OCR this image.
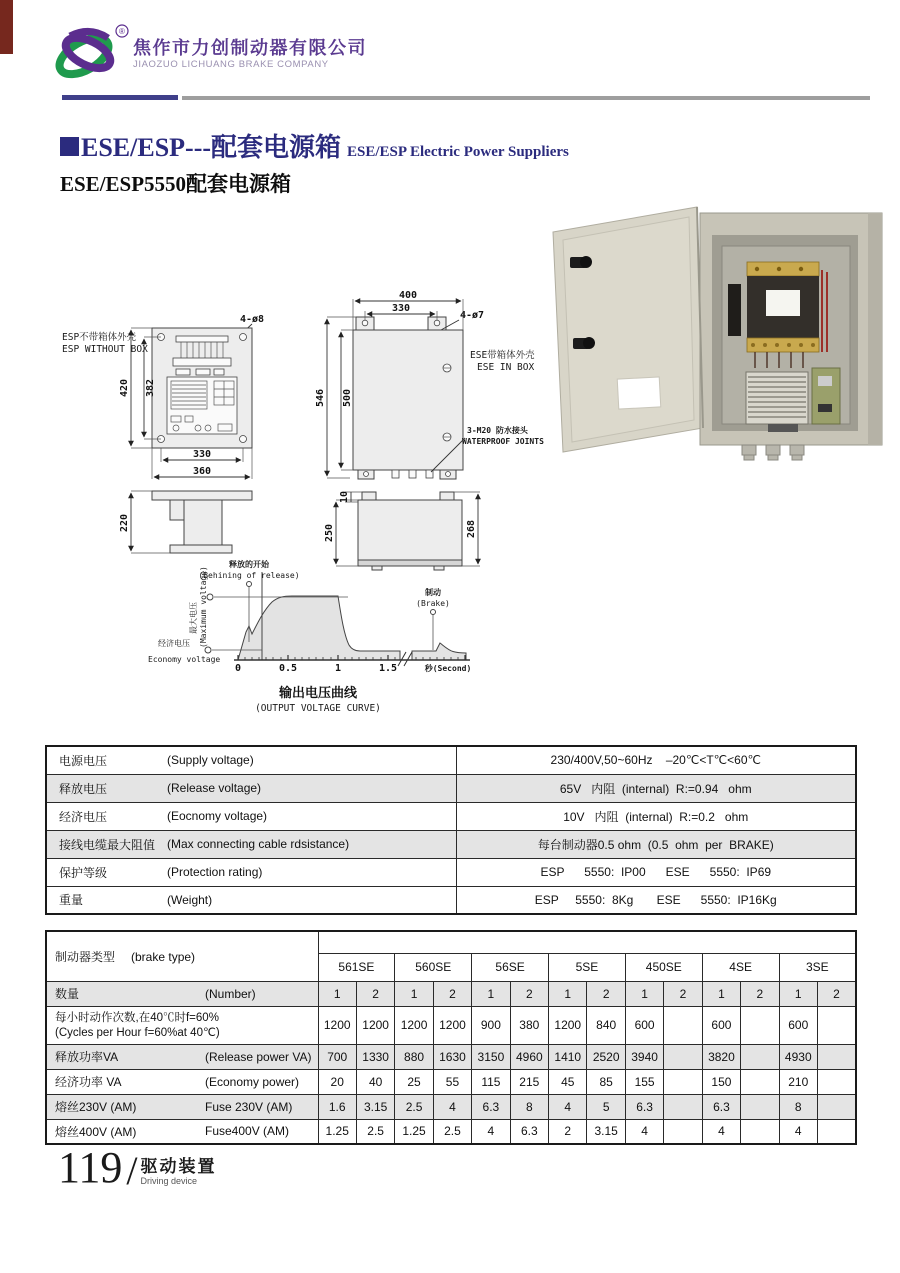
®
焦作市力创制动器有限公司
JIAOZUO LICHUANG BRAKE COMPANY
ESE/ESP---配套电源箱 ESE/ESP Electric Power Suppliers
ESE/ESP5550配套电源箱
ESP不带箱体外壳
ESP WITHOUT BOX
4-ø8
420 382
330
360
220
4-ø7
400
330
546 500
ESE带箱体外壳
ESE IN BOX
3-M20 防水接头
WATERPROOF JOINTS
250
10
268
0	0.5	1	1.5	秒(Second)
最大电压 (Maximum voltage)
经济电压
Economy voltage
释放的开始
(Behining of release)
制动
(Brake)
输出电压曲线
(OUTPUT VOLTAGE CURVE)
电源电压 (Supply voltage)	230/400V,50~60Hz    –20℃<T℃<60℃
释放电压 (Release voltage)	65V   内阻  (internal)  R:=0.94   ohm
经济电压 (Eocnomy voltage)	10V   内阻  (internal)  R:=0.2   ohm
接线电缆最大阻值 (Max connecting cable rdsistance)	每台制动器0.5 ohm  (0.5  ohm  per  BRAKE)
保护等级 (Protection rating)	ESP      5550:  IP00      ESE      5550:  IP69
重量 (Weight)	ESP     5550:  8Kg       ESE      5550:  IP16Kg
制动器类型 (brake type)														
	561SE		560SE		56SE		5SE		450SE		4SE		3SE	
数量 (Number)	1	2	1	2	1	2	1	2	1	2	1	2	1	2

每小时动作次数,在40℃时f=60%
(Cycles per Hour f=60%at 40℃)	1200	1200	1200	1200	900	380	1200	840	600		600		600	
释放功率VA (Release power VA)	700	1330	880	1630	3150	4960	1410	2520	3940		3820		4930	
经济功率 VA (Economy power)	20	40	25	55	115	215	45	85	155		150		210	
熔丝230V (AM) Fuse 230V (AM)	1.6	3.15	2.5	4	6.3	8	4	5	6.3		6.3		8	
熔丝400V (AM) Fuse400V (AM)	1.25	2.5	1.25	2.5	4	6.3	2	3.15	4		4		4	
119 / 驱动装置
Driving device
